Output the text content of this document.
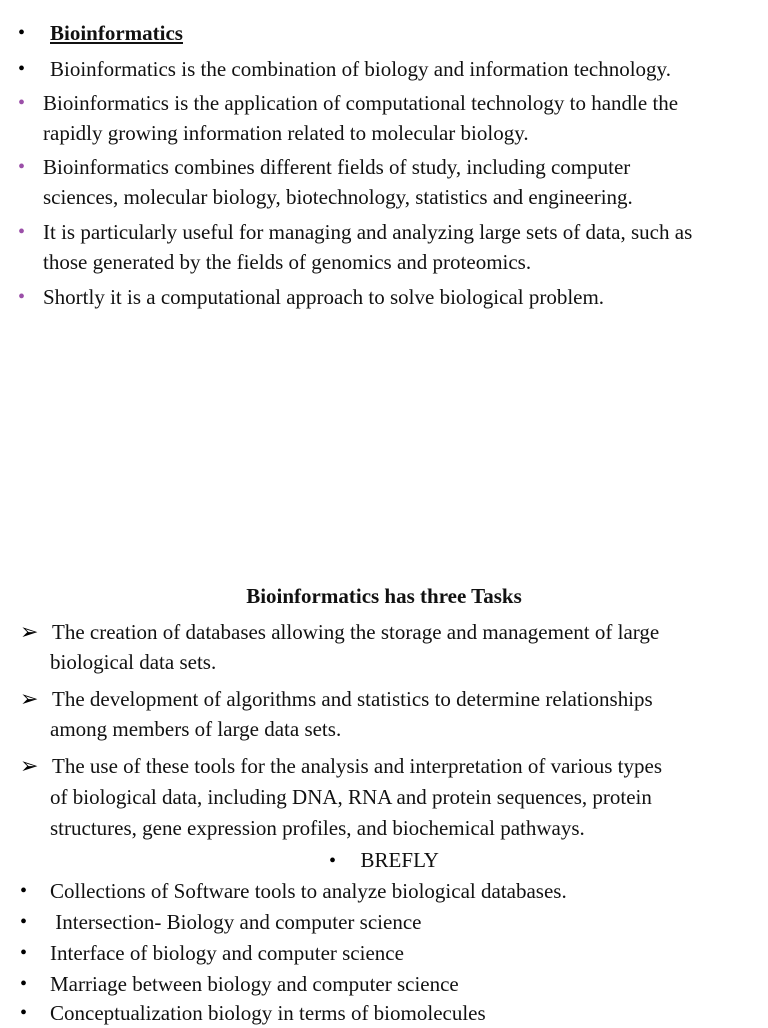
• Bioinformatics
• Bioinformatics is the combination of biology and information technology.
• Bioinformatics is the application of computational technology to handle the
rapidly growing information related to molecular biology.
• Bioinformatics combines different fields of study, including computer
sciences, molecular biology, biotechnology, statistics and engineering.
• It is particularly useful for managing and analyzing large sets of data, such as
those generated by the fields of genomics and proteomics.
• Shortly it is a computational approach to solve biological problem.
Bioinformatics has three Tasks
➢ The creation of databases allowing the storage and management of large
biological data sets.
➢ The development of algorithms and statistics to determine relationships
among members of large data sets.
➢ The use of these tools for the analysis and interpretation of various types
of biological data, including DNA, RNA and protein sequences, protein
structures, gene expression profiles, and biochemical pathways.
• BREFLY
• Collections of Software tools to analyze biological databases.
• Intersection- Biology and computer science
• Interface of biology and computer science
• Marriage between biology and computer science
• Conceptualization biology in terms of biomolecules
